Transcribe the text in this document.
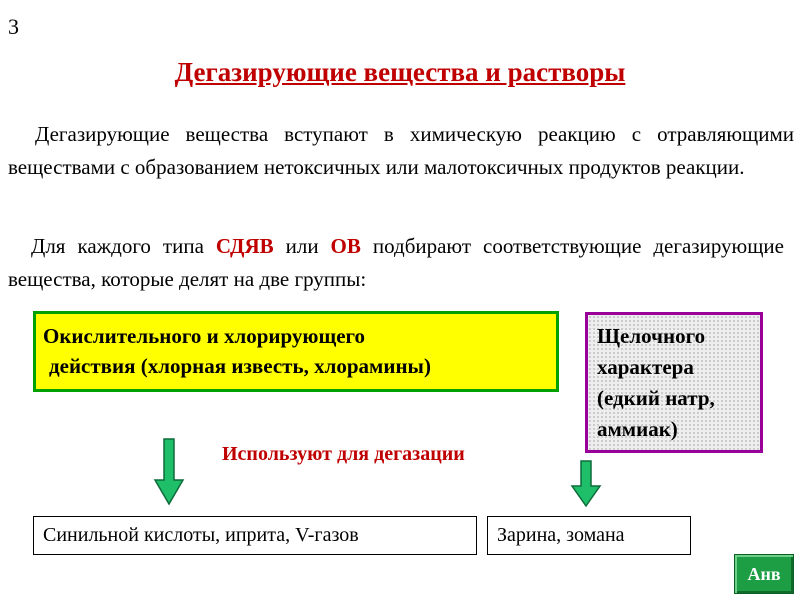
3
Дегазирующие вещества и растворы
Дегазирующие вещества вступают в химическую реакцию с отравляющими веществами с образованием нетоксичных или малотоксичных продуктов реакции.
Для каждого типа СДЯВ или ОВ подбирают соответствующие дегазирующие вещества, которые делят на две группы:
Окислительного и хлорирующего
действия (хлорная известь, хлорамины)
Щелочного
характера
(едкий натр,
аммиак)
Используют для дегазации
Синильной кислоты, иприта, V-газов	Зарина, зомана
Анв
